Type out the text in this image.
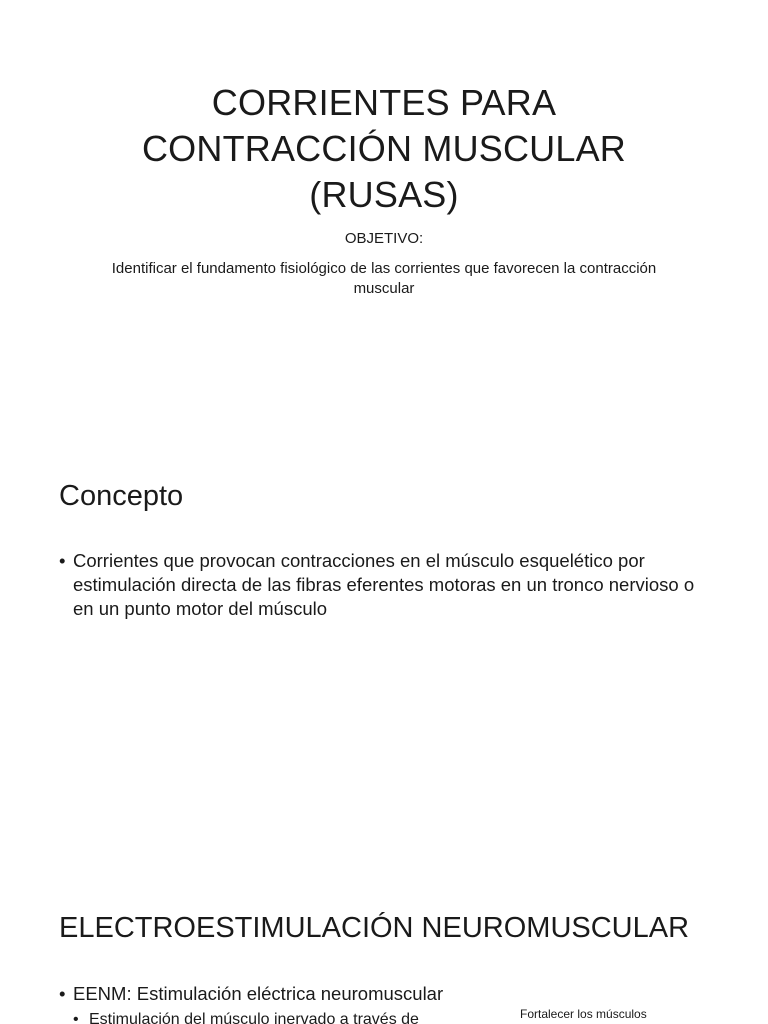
CORRIENTES PARA
CONTRACCIÓN MUSCULAR
(RUSAS)
OBJETIVO:
Identificar el fundamento fisiológico de las corrientes que favorecen la contracción muscular
Concepto
• Corrientes que provocan contracciones en el músculo esquelético por estimulación directa de las fibras eferentes motoras en un tronco nervioso o en un punto motor del músculo
ELECTROESTIMULACIÓN NEUROMUSCULAR
• EENM: Estimulación eléctrica neuromuscular
• Estimulación del músculo inervado a través de	Fortalecer los músculos
